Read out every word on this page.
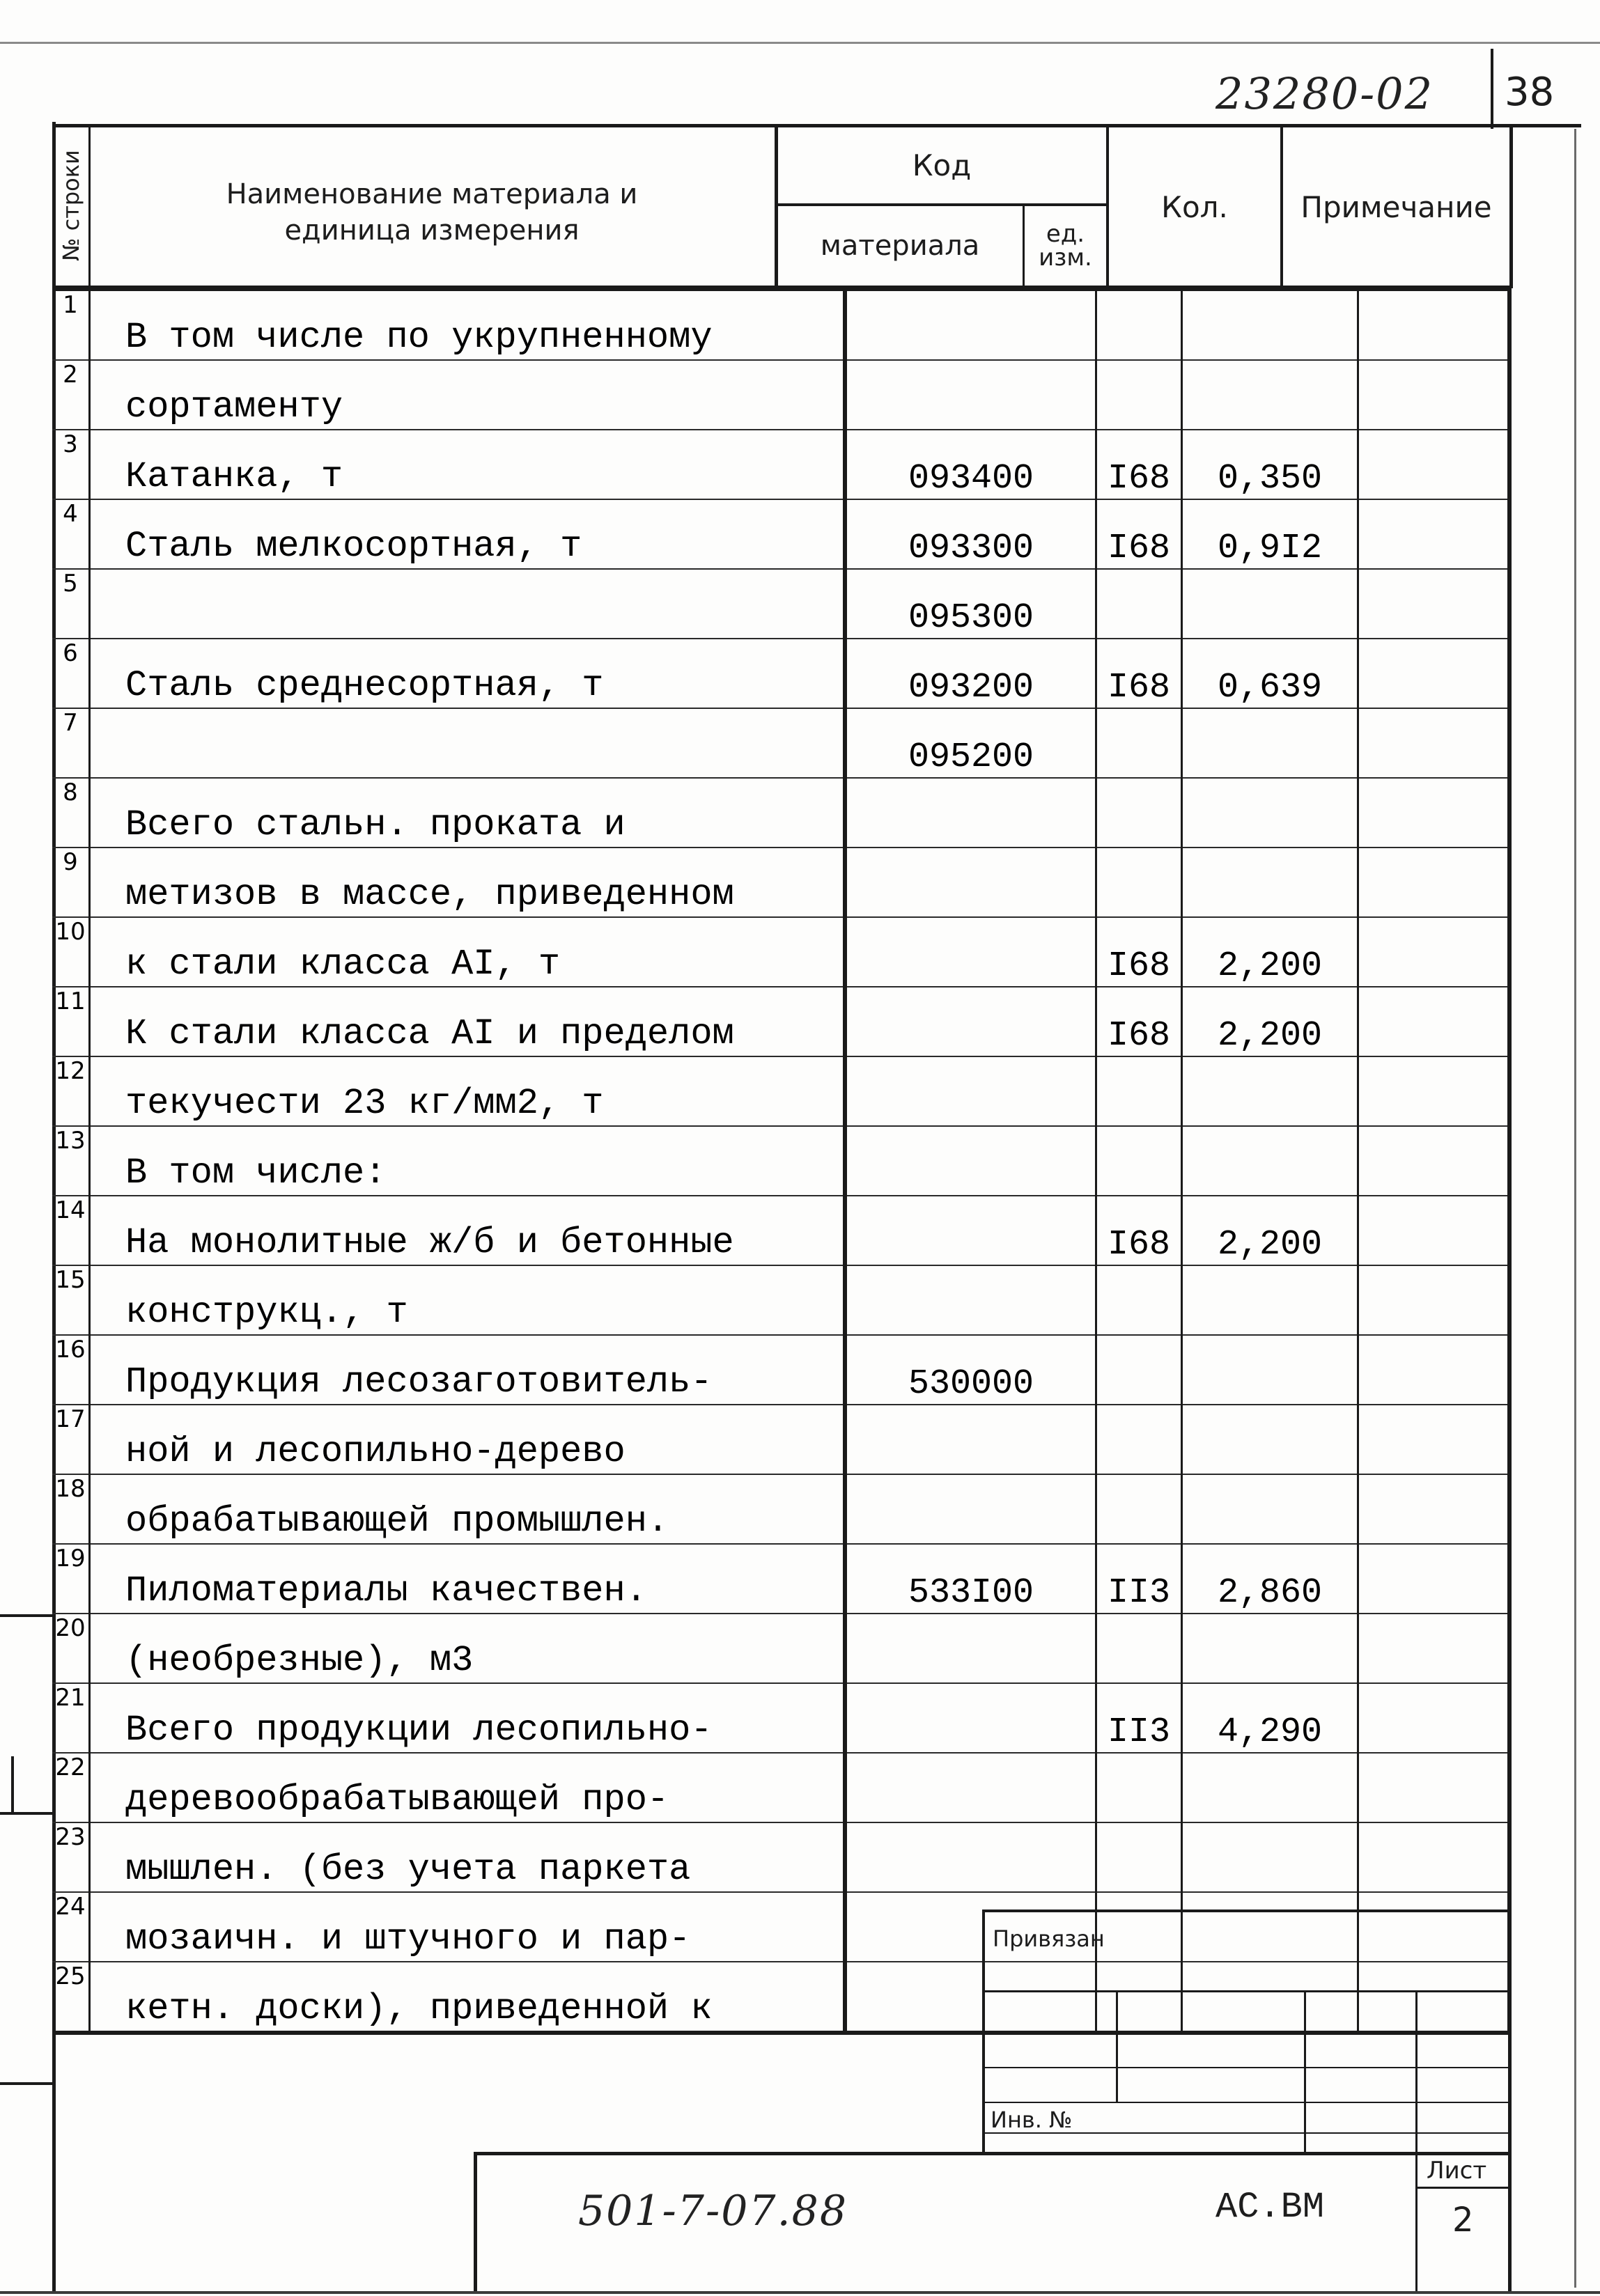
23280-02 38
№ строки	Наименование материала и единица измерения
Код
материала	ед. изм.
Кол.	Примечание
1	В том числе по укрупненному				
2	сортаменту				
3	Катанка, т	093400	I68	0,350	
4	Сталь мелкосортная, т	093300	I68	0,9I2	
5		095300			
6	Сталь среднесортная, т	093200	I68	0,639	
7		095200			
8	Всего стальн. проката и				
9	метизов в массе, приведенном				
10	к стали класса AI, т		I68	2,200	
11	К стали класса AI и пределом		I68	2,200	
12	текучести 23 кг/мм2, т				
13	В том числе:				
14	На монолитные ж/б и бетонные		I68	2,200	
15	конструкц., т				
16	Продукция лесозаготовитель-	530000			
17	ной и лесопильно-дерево				
18	обрабатывающей промышлен.				
19	Пиломатериалы качествен.	533I00	II3	2,860	
20	(необрезные), м3				
21	Всего продукции лесопильно-		II3	4,290	
22	деревообрабатывающей про-				
23	мышлен. (без учета паркета				
24	мозаичн. и штучного и пар-				
25	кетн. доски), приведенной к				
Привязан
Инв. №
501-7-07.88	АС.ВМ
Лист
2
